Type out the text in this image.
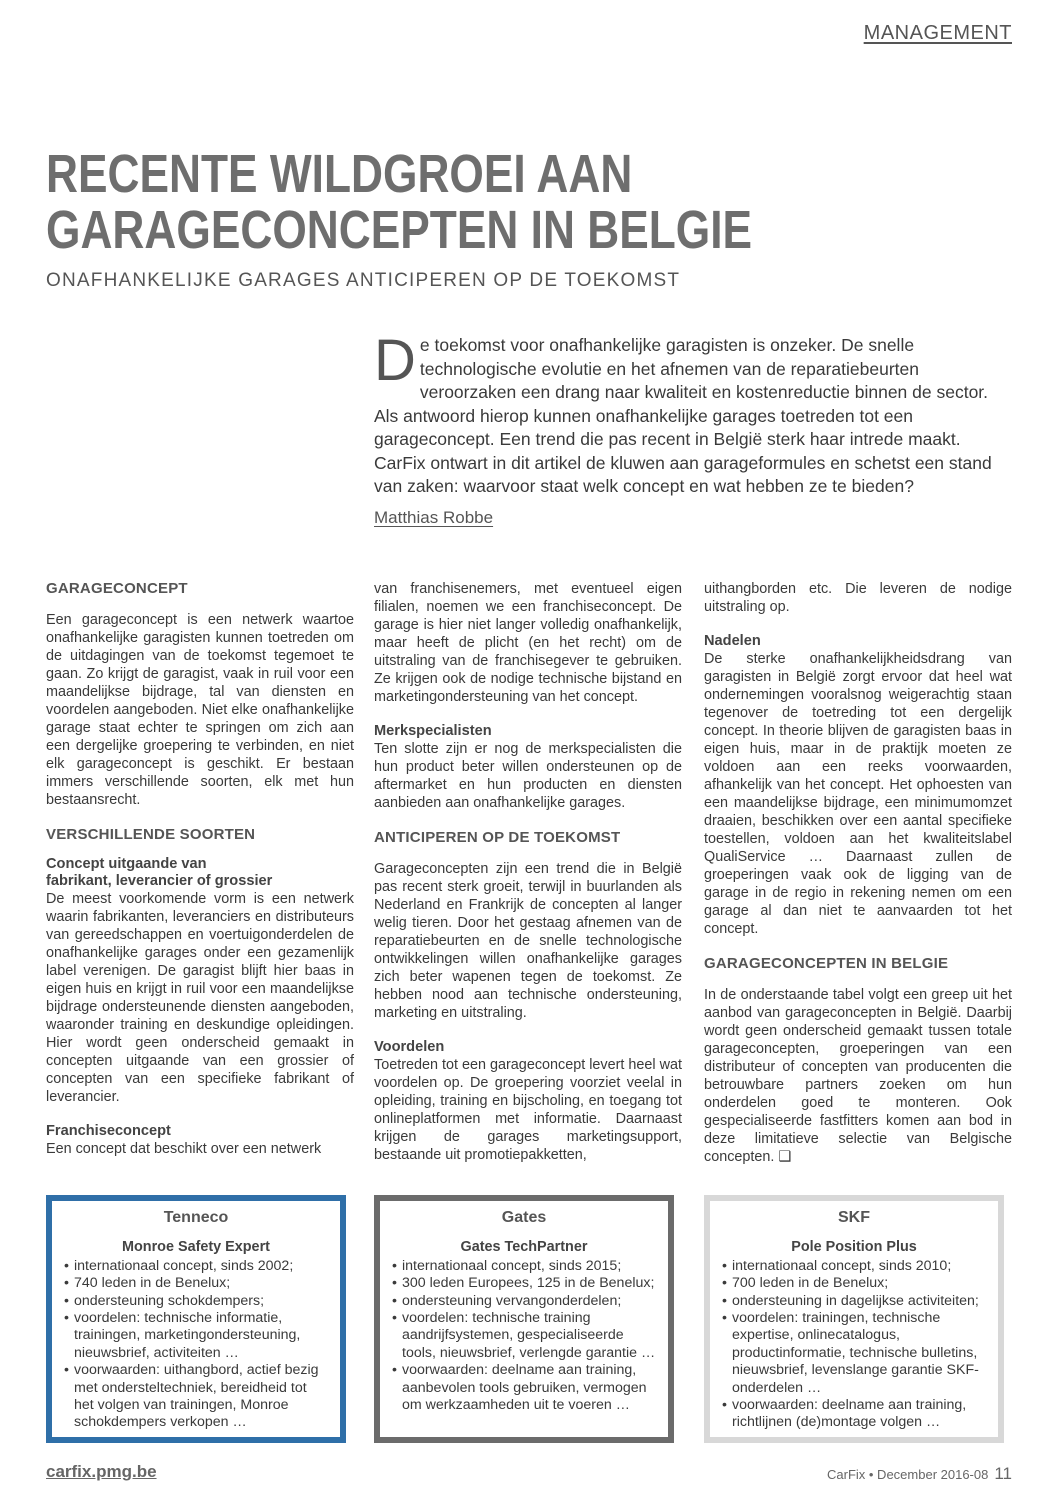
MANAGEMENT
RECENTE WILDGROEI AAN
GARAGECONCEPTEN IN BELGIE
ONAFHANKELIJKE GARAGES ANTICIPEREN OP DE TOEKOMST
D e toekomst voor onafhankelijke garagisten is onzeker. De snelle technologische evolutie en het afnemen van de reparatiebeurten veroorzaken een drang naar kwaliteit en kostenreductie binnen de sector. Als antwoord hierop kunnen onafhankelijke garages toetreden tot een garageconcept. Een trend die pas recent in België sterk haar intrede maakt. CarFix ontwart in dit artikel de kluwen aan garageformules en schetst een stand van zaken: waarvoor staat welk concept en wat hebben ze te bieden?
Matthias Robbe
GARAGECONCEPT

Een garageconcept is een netwerk waartoe onafhankelijke garagisten kunnen toetreden om de uitdagingen van de toekomst tegemoet te gaan. Zo krijgt de garagist, vaak in ruil voor een maandelijkse bijdrage, tal van diensten en voordelen aangeboden. Niet elke onafhankelijke garage staat echter te springen om zich aan een dergelijke groepering te verbinden, en niet elk garageconcept is geschikt. Er bestaan immers verschillende soorten, elk met hun bestaansrecht.

VERSCHILLENDE SOORTEN
Concept uitgaande van
fabrikant, leverancier of grossier

De meest voorkomende vorm is een netwerk waarin fabrikanten, leveranciers en distributeurs van gereedschappen en voertuigonderdelen de onafhankelijke garages onder een gezamenlijk label verenigen. De garagist blijft hier baas in eigen huis en krijgt in ruil voor een maandelijkse bijdrage ondersteunende diensten aangeboden, waaronder training en deskundige opleidingen. Hier wordt geen onderscheid gemaakt in concepten uitgaande van een grossier of concepten van een specifieke fabrikant of leverancier.

Franchiseconcept

Een concept dat beschikt over een netwerk

van franchisenemers, met eventueel eigen filialen, noemen we een franchiseconcept. De garage is hier niet langer volledig onafhankelijk, maar heeft de plicht (en het recht) om de uitstraling van de franchisegever te gebruiken. Ze krijgen ook de nodige technische bijstand en marketingondersteuning van het concept.

Merkspecialisten

Ten slotte zijn er nog de merkspecialisten die hun product beter willen ondersteunen op de aftermarket en hun producten en diensten aanbieden aan onafhankelijke garages.

ANTICIPEREN OP DE TOEKOMST

Garageconcepten zijn een trend die in België pas recent sterk groeit, terwijl in buurlanden als Nederland en Frankrijk de concepten al langer welig tieren. Door het gestaag afnemen van de reparatiebeurten en de snelle technologische ontwikkelingen willen onafhankelijke garages zich beter wapenen tegen de toekomst. Ze hebben nood aan technische ondersteuning, marketing en uitstraling.

Voordelen

Toetreden tot een garageconcept levert heel wat voordelen op. De groepering voorziet veelal in opleiding, training en bijscholing, en toegang tot onlineplatformen met informatie. Daarnaast krijgen de garages marketingsupport, bestaande uit promotiepakketten,

uithangborden etc. Die leveren de nodige uitstraling op.

Nadelen

De sterke onafhankelijkheidsdrang van garagisten in België zorgt ervoor dat heel wat ondernemingen vooralsnog weigerachtig staan tegenover de toetreding tot een dergelijk concept. In theorie blijven de garagisten baas in eigen huis, maar in de praktijk moeten ze voldoen aan een reeks voorwaarden, afhankelijk van het concept. Het ophoesten van een maandelijkse bijdrage, een minimumomzet draaien, beschikken over een aantal specifieke toestellen, voldoen aan het kwaliteitslabel QualiService … Daarnaast zullen de groeperingen vaak ook de ligging van de garage in de regio in rekening nemen om een garage al dan niet te aanvaarden tot het concept.

GARAGECONCEPTEN IN BELGIE

In de onderstaande tabel volgt een greep uit het aanbod van garageconcepten in België. Daarbij wordt geen onderscheid gemaakt tussen totale garageconcepten, groeperingen van een distributeur of concepten van producenten die betrouwbare partners zoeken om hun onderdelen goed te monteren. Ook gespecialiseerde fastfitters komen aan bod in deze limitatieve selectie van Belgische concepten. ❑

Tenneco
Monroe Safety Expert
• internationaal concept, sinds 2002;
• 740 leden in de Benelux;
• ondersteuning schokdempers;
• voordelen: technische informatie, trainingen, marketingondersteuning, nieuwsbrief, activiteiten …
• voorwaarden: uithangbord, actief bezig met ondersteltechniek, bereidheid tot het volgen van trainingen, Monroe schokdempers verkopen …
Gates
Gates TechPartner
• internationaal concept, sinds 2015;
• 300 leden Europees, 125 in de Benelux;
• ondersteuning vervangonderdelen;
• voordelen: technische training aandrijfsystemen, gespecialiseerde tools, nieuwsbrief, verlengde garantie …
• voorwaarden: deelname aan training, aanbevolen tools gebruiken, vermogen om werkzaamheden uit te voeren …
SKF
Pole Position Plus
• internationaal concept, sinds 2010;
• 700 leden in de Benelux;
• ondersteuning in dagelijkse activiteiten;
• voordelen: trainingen, technische expertise, onlinecatalogus, productinformatie, technische bulletins, nieuwsbrief, levenslange garantie SKF-onderdelen …
• voorwaarden: deelname aan training, richtlijnen (de)montage volgen …
carfix.pmg.be	CarFix • December 2016-08 11
